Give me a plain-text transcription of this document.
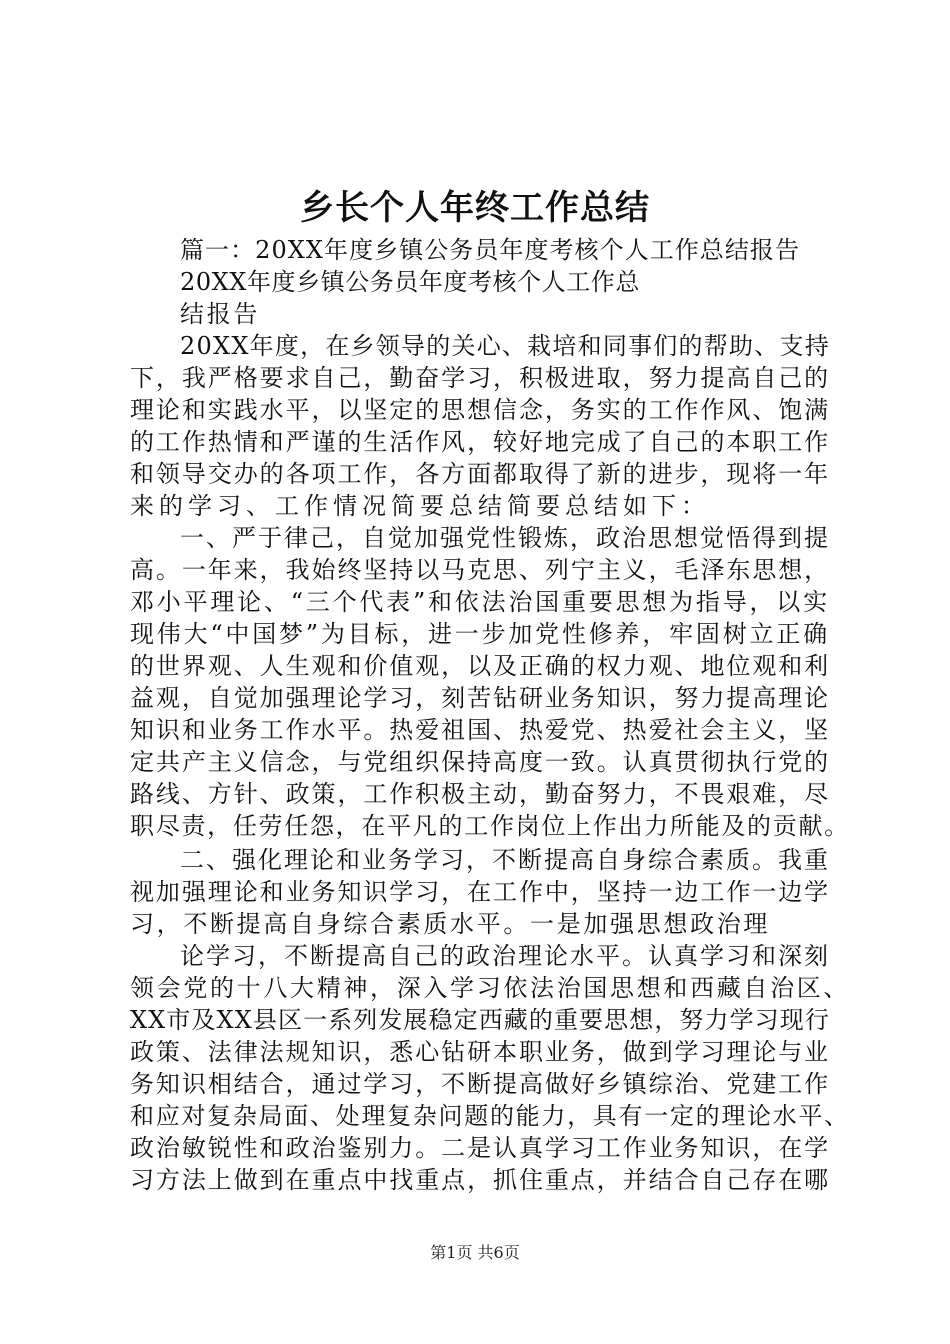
乡长个人年终工作总结
篇一：20XX年度乡镇公务员年度考核个人工作总结报告
20XX年度乡镇公务员年度考核个人工作总
结报告
20XX年度，在乡领导的关心、栽培和同事们的帮助、支持
下，我严格要求自己，勤奋学习，积极进取，努力提高自己的
理论和实践水平，以坚定的思想信念，务实的工作作风、饱满
的工作热情和严谨的生活作风，较好地完成了自己的本职工作
和领导交办的各项工作，各方面都取得了新的进步，现将一年
来的学习、工作情况简要总结简要总结如下：
一、严于律己，自觉加强党性锻炼，政治思想觉悟得到提
高。一年来，我始终坚持以马克思、列宁主义，毛泽东思想，
邓小平理论、“三个代表”和依法治国重要思想为指导，以实
现伟大“中国梦”为目标，进一步加党性修养，牢固树立正确
的世界观、人生观和价值观，以及正确的权力观、地位观和利
益观，自觉加强理论学习，刻苦钻研业务知识，努力提高理论
知识和业务工作水平。热爱祖国、热爱党、热爱社会主义，坚
定共产主义信念，与党组织保持高度一致。认真贯彻执行党的
路线、方针、政策，工作积极主动，勤奋努力，不畏艰难，尽
职尽责，任劳任怨，在平凡的工作岗位上作出力所能及的贡献。
二、强化理论和业务学习，不断提高自身综合素质。我重
视加强理论和业务知识学习，在工作中，坚持一边工作一边学
习，不断提高自身综合素质水平。一是加强思想政治理
论学习，不断提高自己的政治理论水平。认真学习和深刻
领会党的十八大精神，深入学习依法治国思想和西藏自治区、
XX市及XX县区一系列发展稳定西藏的重要思想，努力学习现行
政策、法律法规知识，悉心钻研本职业务，做到学习理论与业
务知识相结合，通过学习，不断提高做好乡镇综治、党建工作
和应对复杂局面、处理复杂问题的能力，具有一定的理论水平、
政治敏锐性和政治鉴别力。二是认真学习工作业务知识，在学
习方法上做到在重点中找重点，抓住重点，并结合自己存在哪
第1页 共6页
